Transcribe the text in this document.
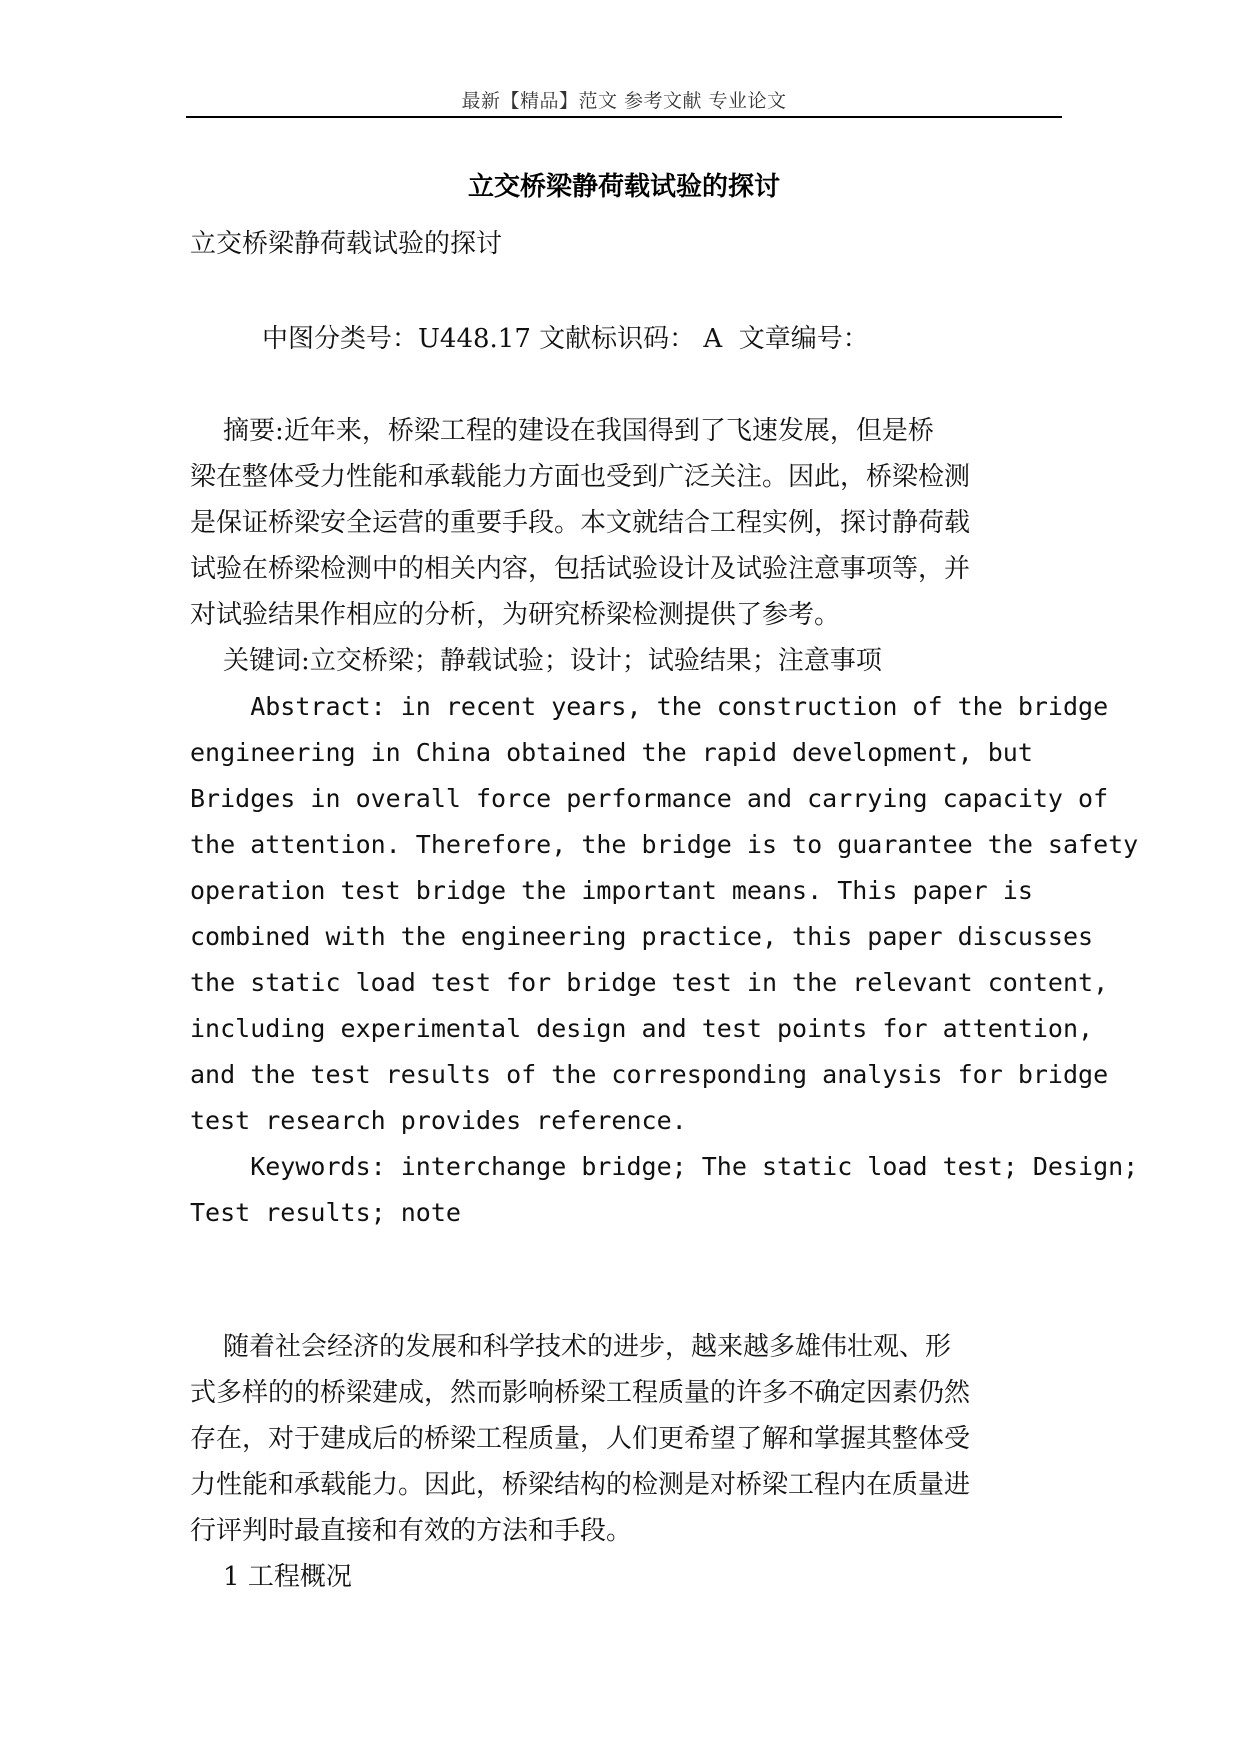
最新【精品】范文 参考文献 专业论文
立交桥梁静荷载试验的探讨
立交桥梁静荷载试验的探讨
中图分类号：U448.17 文献标识码： A  文章编号：
摘要:近年来，桥梁工程的建设在我国得到了飞速发展，但是桥
梁在整体受力性能和承载能力方面也受到广泛关注。因此，桥梁检测
是保证桥梁安全运营的重要手段。本文就结合工程实例，探讨静荷载
试验在桥梁检测中的相关内容，包括试验设计及试验注意事项等，并
对试验结果作相应的分析，为研究桥梁检测提供了参考。
关键词:立交桥梁；静载试验；设计；试验结果；注意事项
Abstract: in recent years, the construction of the bridge
engineering in China obtained the rapid development, but
Bridges in overall force performance and carrying capacity of
the attention. Therefore, the bridge is to guarantee the safety
operation test bridge the important means. This paper is
combined with the engineering practice, this paper discusses
the static load test for bridge test in the relevant content,
including experimental design and test points for attention,
and the test results of the corresponding analysis for bridge
test research provides reference.
Keywords: interchange bridge; The static load test; Design;
Test results; note
随着社会经济的发展和科学技术的进步，越来越多雄伟壮观、形
式多样的的桥梁建成，然而影响桥梁工程质量的许多不确定因素仍然
存在，对于建成后的桥梁工程质量，人们更希望了解和掌握其整体受
力性能和承载能力。因此，桥梁结构的检测是对桥梁工程内在质量进
行评判时最直接和有效的方法和手段。
1 工程概况
